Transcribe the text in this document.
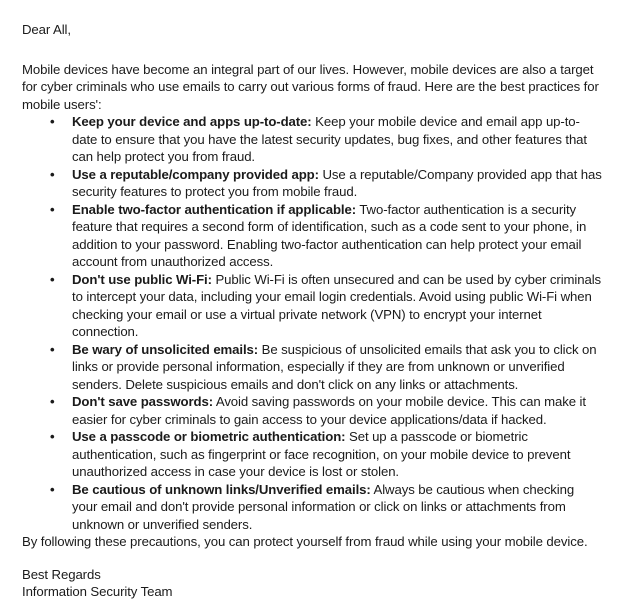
Dear All,

Mobile devices have become an integral part of our lives. However, mobile devices are also a target for cyber criminals who use emails to carry out various forms of fraud. Here are the best practices for mobile users':

• Keep your device and apps up-to-date: Keep your mobile device and email app up-to-date to ensure that you have the latest security updates, bug fixes, and other features that can help protect you from fraud.
• Use a reputable/company provided app: Use a reputable/Company provided app that has security features to protect you from mobile fraud.
• Enable two-factor authentication if applicable: Two-factor authentication is a security feature that requires a second form of identification, such as a code sent to your phone, in addition to your password. Enabling two-factor authentication can help protect your email account from unauthorized access.
• Don't use public Wi-Fi: Public Wi-Fi is often unsecured and can be used by cyber criminals to intercept your data, including your email login credentials. Avoid using public Wi-Fi when checking your email or use a virtual private network (VPN) to encrypt your internet connection.
• Be wary of unsolicited emails: Be suspicious of unsolicited emails that ask you to click on links or provide personal information, especially if they are from unknown or unverified senders. Delete suspicious emails and don't click on any links or attachments.
• Don't save passwords: Avoid saving passwords on your mobile device. This can make it easier for cyber criminals to gain access to your device applications/data if hacked.
• Use a passcode or biometric authentication: Set up a passcode or biometric authentication, such as fingerprint or face recognition, on your mobile device to prevent unauthorized access in case your device is lost or stolen.
• Be cautious of unknown links/Unverified emails: Always be cautious when checking your email and don't provide personal information or click on links or attachments from unknown or unverified senders.

By following these precautions, you can protect yourself from fraud while using your mobile device.

Best Regards

Information Security Team
